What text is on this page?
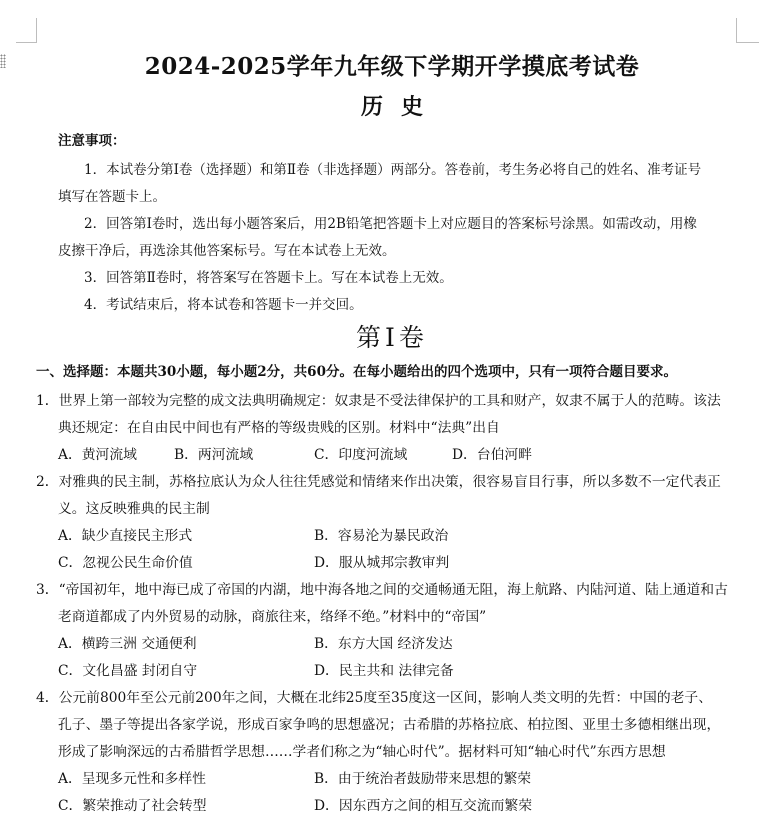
2024-2025学年九年级下学期开学摸底考试卷
历史
注意事项：
1．本试卷分第Ⅰ卷（选择题）和第Ⅱ卷（非选择题）两部分。答卷前，考生务必将自己的姓名、准考证号
填写在答题卡上。
2．回答第Ⅰ卷时，选出每小题答案后，用2B铅笔把答题卡上对应题目的答案标号涂黑。如需改动，用橡
皮擦干净后，再选涂其他答案标号。写在本试卷上无效。
3．回答第Ⅱ卷时，将答案写在答题卡上。写在本试卷上无效。
4．考试结束后，将本试卷和答题卡一并交回。
第Ⅰ卷
一、选择题：本题共30小题，每小题2分，共60分。在每小题给出的四个选项中，只有一项符合题目要求。
1．世界上第一部较为完整的成文法典明确规定：奴隶是不受法律保护的工具和财产，奴隶不属于人的范畴。该法
典还规定：在自由民中间也有严格的等级贵贱的区别。材料中“法典”出自
A．黄河流域	B．两河流域	C．印度河流域	D．台伯河畔
2．对雅典的民主制，苏格拉底认为众人往往凭感觉和情绪来作出决策，很容易盲目行事，所以多数不一定代表正
义。这反映雅典的民主制
A．缺少直接民主形式	B．容易沦为暴民政治
C．忽视公民生命价值	D．服从城邦宗教审判
3．“帝国初年，地中海已成了帝国的内湖，地中海各地之间的交通畅通无阻，海上航路、内陆河道、陆上通道和古
老商道都成了内外贸易的动脉，商旅往来，络绎不绝。”材料中的“帝国”
A．横跨三洲 交通便利	B．东方大国 经济发达
C．文化昌盛 封闭自守	D．民主共和 法律完备
4．公元前800年至公元前200年之间，大概在北纬25度至35度这一区间，影响人类文明的先哲：中国的老子、
孔子、墨子等提出各家学说，形成百家争鸣的思想盛况；古希腊的苏格拉底、柏拉图、亚里士多德相继出现，
形成了影响深远的古希腊哲学思想……学者们称之为“轴心时代”。据材料可知“轴心时代”东西方思想
A．呈现多元性和多样性	B．由于统治者鼓励带来思想的繁荣
C．繁荣推动了社会转型	D．因东西方之间的相互交流而繁荣
